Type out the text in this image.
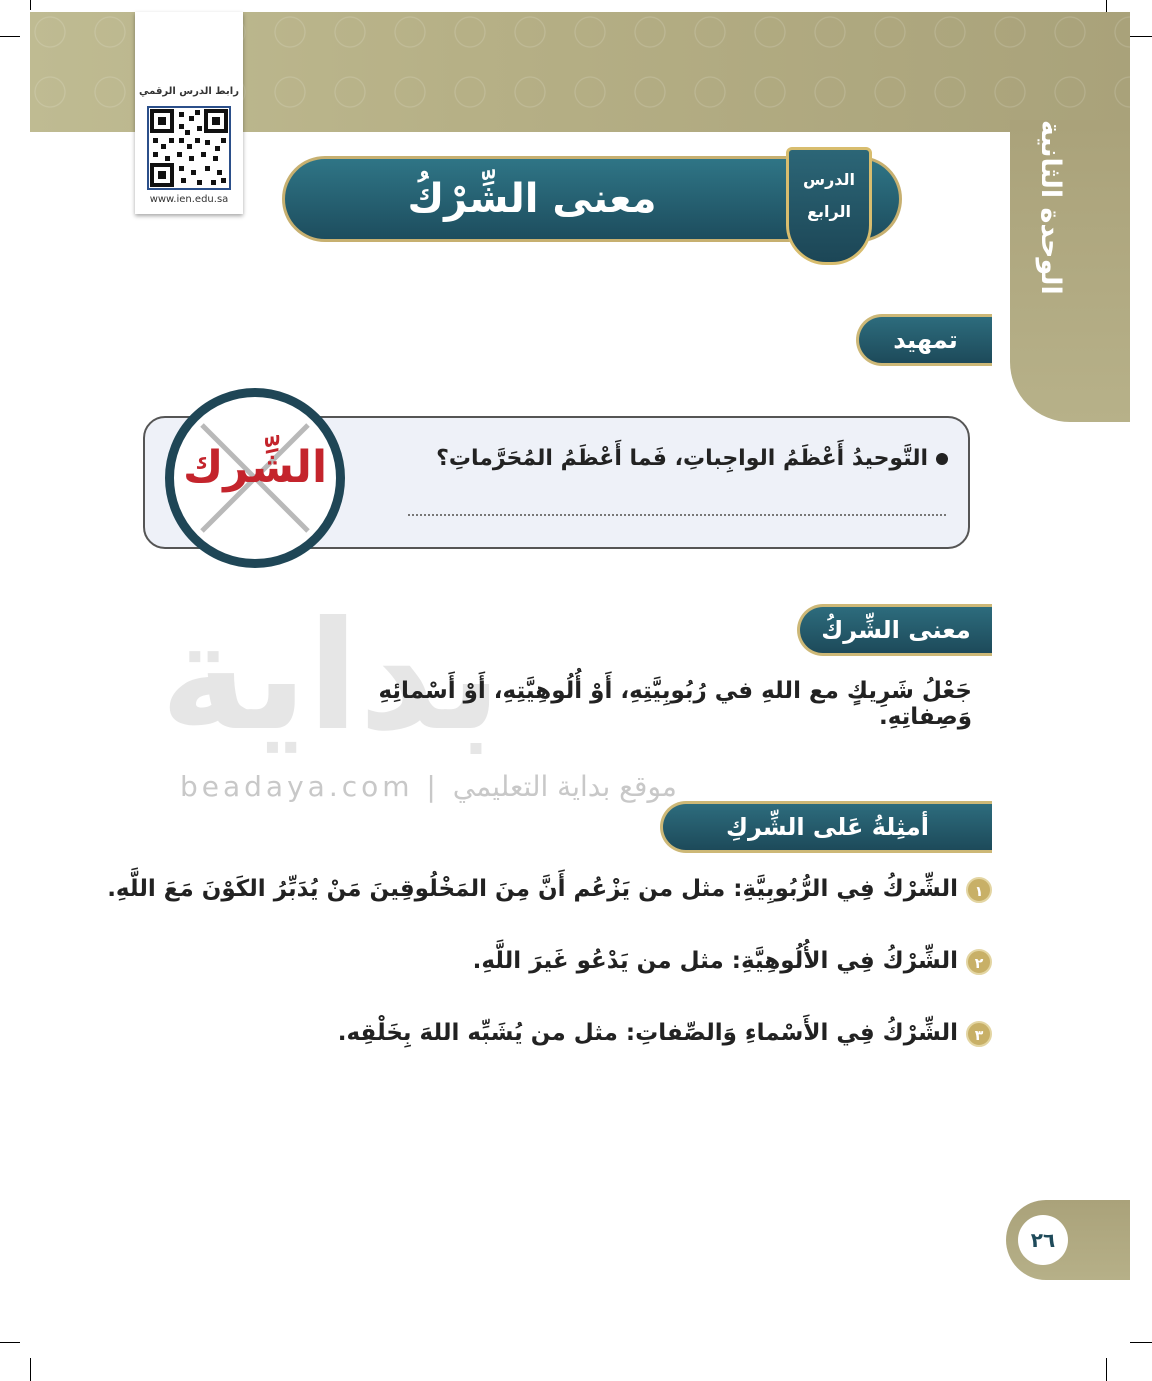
الوحدة الثانية
رابط الدرس الرقمي
www.ien.edu.sa	معنى الشِّرْكُ	الدرس
الرابع
تمهيد
التَّوحيدُ أَعْظَمُ الواجِباتِ، فَما أَعْظَمُ المُحَرَّماتِ؟
الشِّرك
بداية
beadaya.com | موقع بداية التعليمي
معنى الشِّركُ
جَعْلُ شَرِيكٍ مع اللهِ في رُبُوبِيَّتِهِ، أَوْ أُلُوهِيَّتِهِ، أَوْ أَسْمائِهِ وَصِفاتِهِ.
أمثِلةُ عَلى الشِّركِ
١الشِّرْكُ فِي الرُّبُوبِيَّةِ: مثل من يَزْعُم أَنَّ مِنَ المَخْلُوقِينَ مَنْ يُدَبِّرُ الكَوْنَ مَعَ اللَّهِ.
٢الشِّرْكُ فِي الأُلُوهِيَّةِ: مثل من يَدْعُو غَيرَ اللَّهِ.
٣الشِّرْكُ فِي الأَسْماءِ وَالصِّفاتِ: مثل من يُشَبِّه اللهَ بِخَلْقِه.
٢٦
